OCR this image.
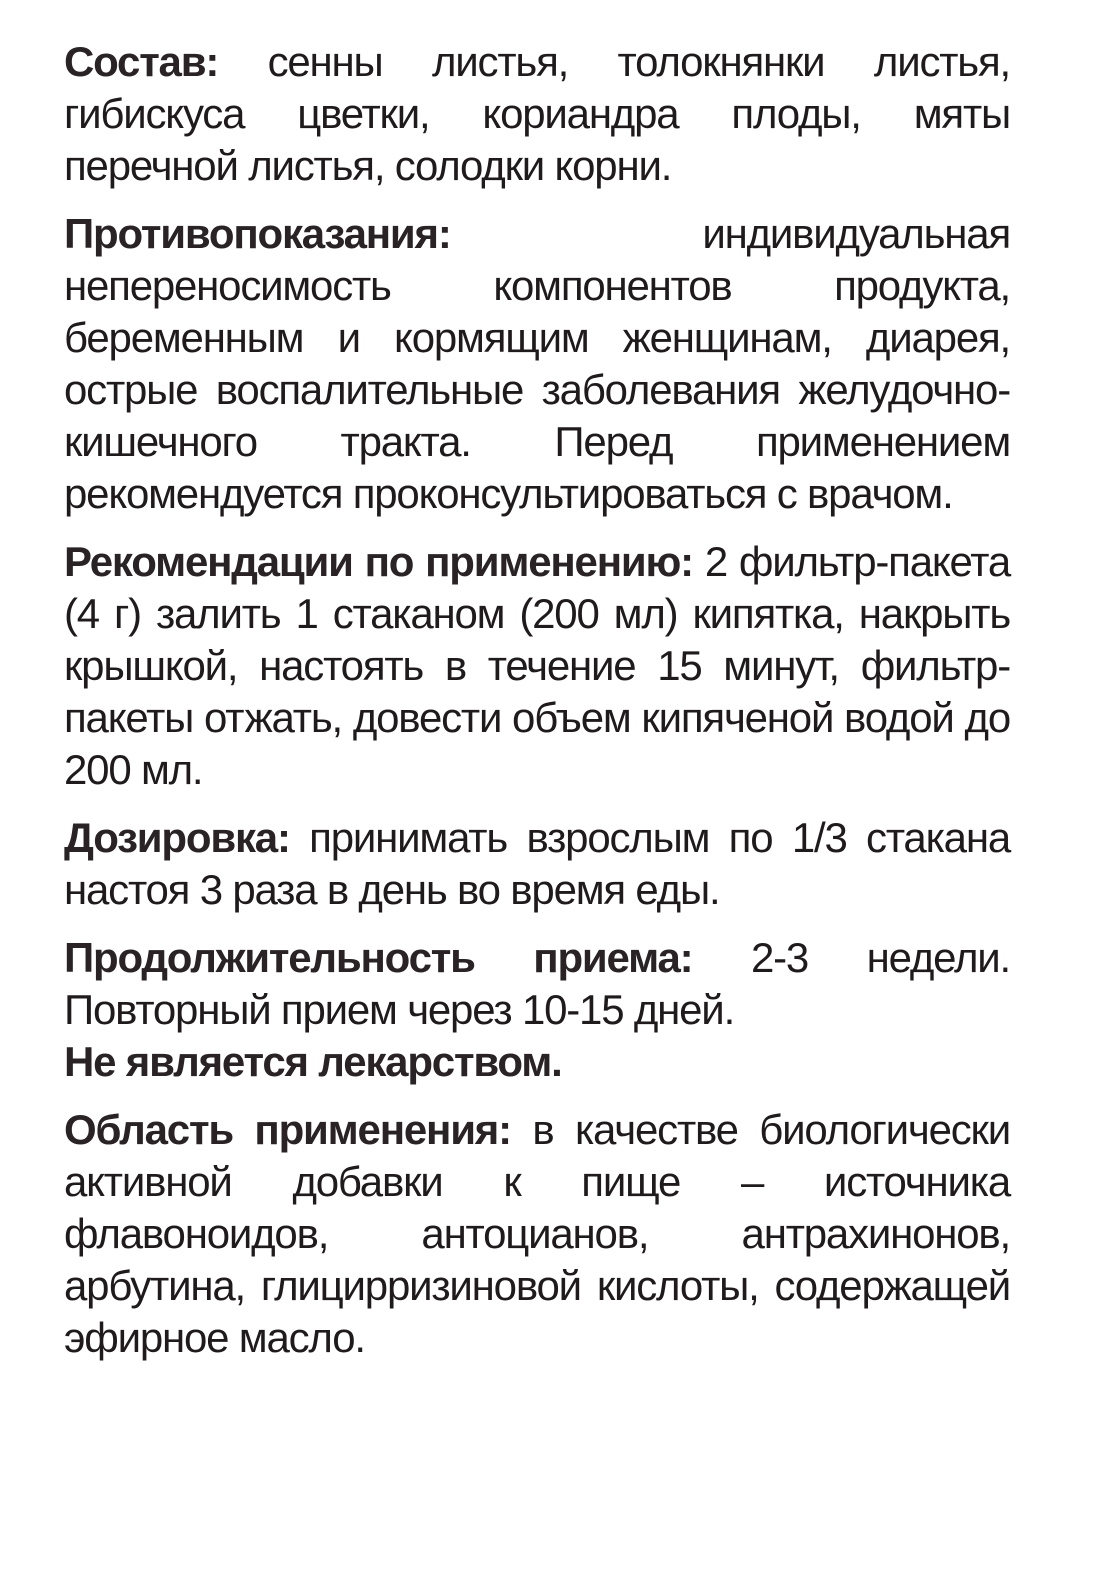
Состав: сенны листья, толокнянки листья, гибискуса цветки, кориандра плоды, мяты перечной листья, солодки корни.

Противопоказания: индивидуальная непереносимость компонентов продукта, беременным и кормящим женщинам, диарея, острые воспалительные заболевания желудочно-кишечного тракта. Перед применением рекомендуется проконсультироваться с врачом.

Рекомендации по применению: 2 фильтр-пакета (4 г) залить 1 стаканом (200 мл) кипятка, накрыть крышкой, настоять в течение 15 минут, фильтр-пакеты отжать, довести объем кипяченой водой до 200 мл.

Дозировка: принимать взрослым по 1/3 стакана настоя 3 раза в день во время еды.

Продолжительность приема: 2-3 недели. Повторный прием через 10-15 дней.

Не является лекарством.

Область применения: в качестве биологически активной добавки к пище – источника флавоноидов, антоцианов, антрахинонов, арбутина, глицирризиновой кислоты, содержащей эфирное масло.
